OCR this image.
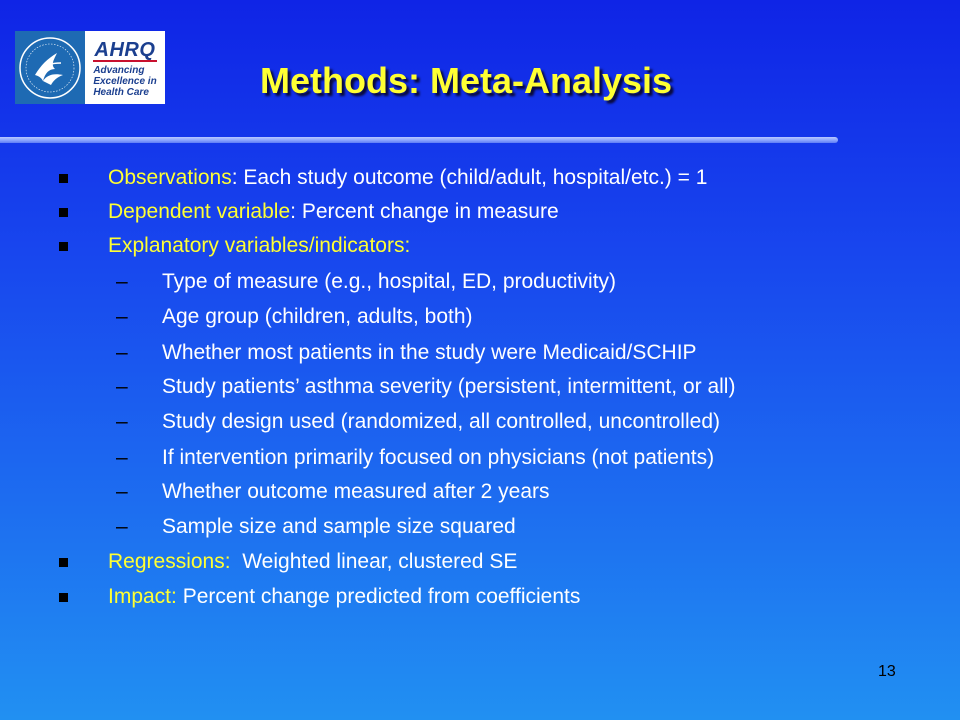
AHRQ
Advancing
Excellence in
Health Care	Methods: Meta-Analysis
Observations: Each study outcome (child/adult, hospital/etc.) = 1
Dependent variable: Percent change in measure
Explanatory variables/indicators:
– Type of measure (e.g., hospital, ED, productivity)
– Age group (children, adults, both)
– Whether most patients in the study were Medicaid/SCHIP
– Study patients’ asthma severity (persistent, intermittent, or all)
– Study design used (randomized, all controlled, uncontrolled)
– If intervention primarily focused on physicians (not patients)
– Whether outcome measured after 2 years
– Sample size and sample size squared
Regressions: Weighted linear, clustered SE
Impact: Percent change predicted from coefficients
13
